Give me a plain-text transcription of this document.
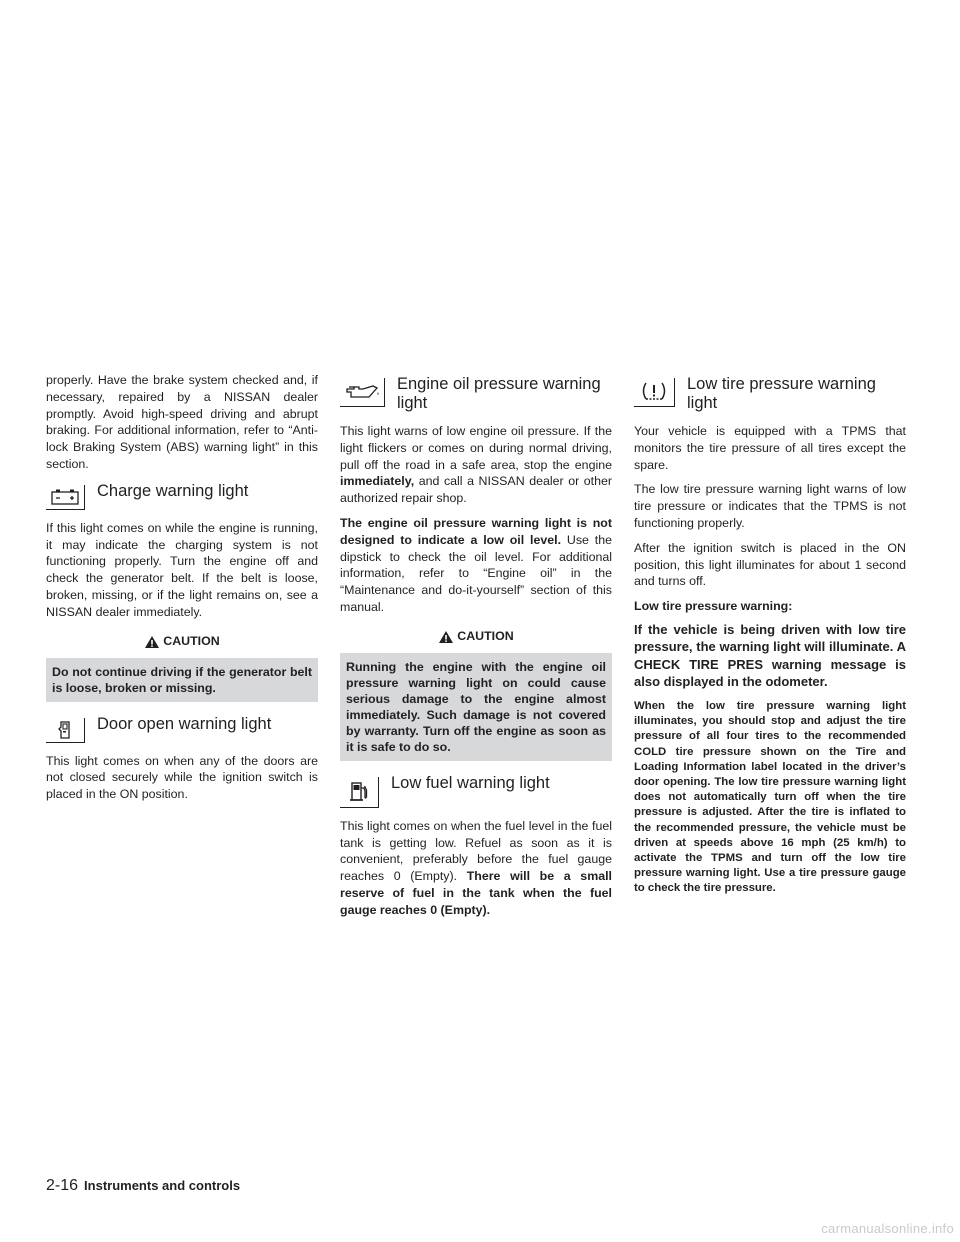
properly. Have the brake system checked and, if necessary, repaired by a NISSAN dealer promptly. Avoid high-speed driving and abrupt braking. For additional information, refer to “Anti-lock Braking System (ABS) warning light” in this section.

Charge warning light

If this light comes on while the engine is running, it may indicate the charging system is not functioning properly. Turn the engine off and check the generator belt. If the belt is loose, broken, missing, or if the light remains on, see a NISSAN dealer immediately.

CAUTION
Do not continue driving if the generator belt is loose, broken or missing.
Door open warning light

This light comes on when any of the doors are not closed securely while the ignition switch is placed in the ON position.

Engine oil pressure warning light

This light warns of low engine oil pressure. If the light flickers or comes on during normal driving, pull off the road in a safe area, stop the engine immediately, and call a NISSAN dealer or other authorized repair shop.

The engine oil pressure warning light is not designed to indicate a low oil level. Use the dipstick to check the oil level. For additional information, refer to “Engine oil” in the “Maintenance and do-it-yourself” section of this manual.

CAUTION
Running the engine with the engine oil pressure warning light on could cause serious damage to the engine almost immediately. Such damage is not covered by warranty. Turn off the engine as soon as it is safe to do so.
Low fuel warning light

This light comes on when the fuel level in the fuel tank is getting low. Refuel as soon as it is convenient, preferably before the fuel gauge reaches 0 (Empty). There will be a small reserve of fuel in the tank when the fuel gauge reaches 0 (Empty).

Low tire pressure warning light

Your vehicle is equipped with a TPMS that monitors the tire pressure of all tires except the spare.

The low tire pressure warning light warns of low tire pressure or indicates that the TPMS is not functioning properly.

After the ignition switch is placed in the ON position, this light illuminates for about 1 second and turns off.

Low tire pressure warning:

If the vehicle is being driven with low tire pressure, the warning light will illuminate. A CHECK TIRE PRES warning message is also displayed in the odometer.

When the low tire pressure warning light illuminates, you should stop and adjust the tire pressure of all four tires to the recommended COLD tire pressure shown on the Tire and Loading Information label located in the driver’s door opening. The low tire pressure warning light does not automatically turn off when the tire pressure is adjusted. After the tire is inflated to the recommended pressure, the vehicle must be driven at speeds above 16 mph (25 km/h) to activate the TPMS and turn off the low tire pressure warning light. Use a tire pressure gauge to check the tire pressure.

2-16 Instruments and controls
carmanualsonline.info
